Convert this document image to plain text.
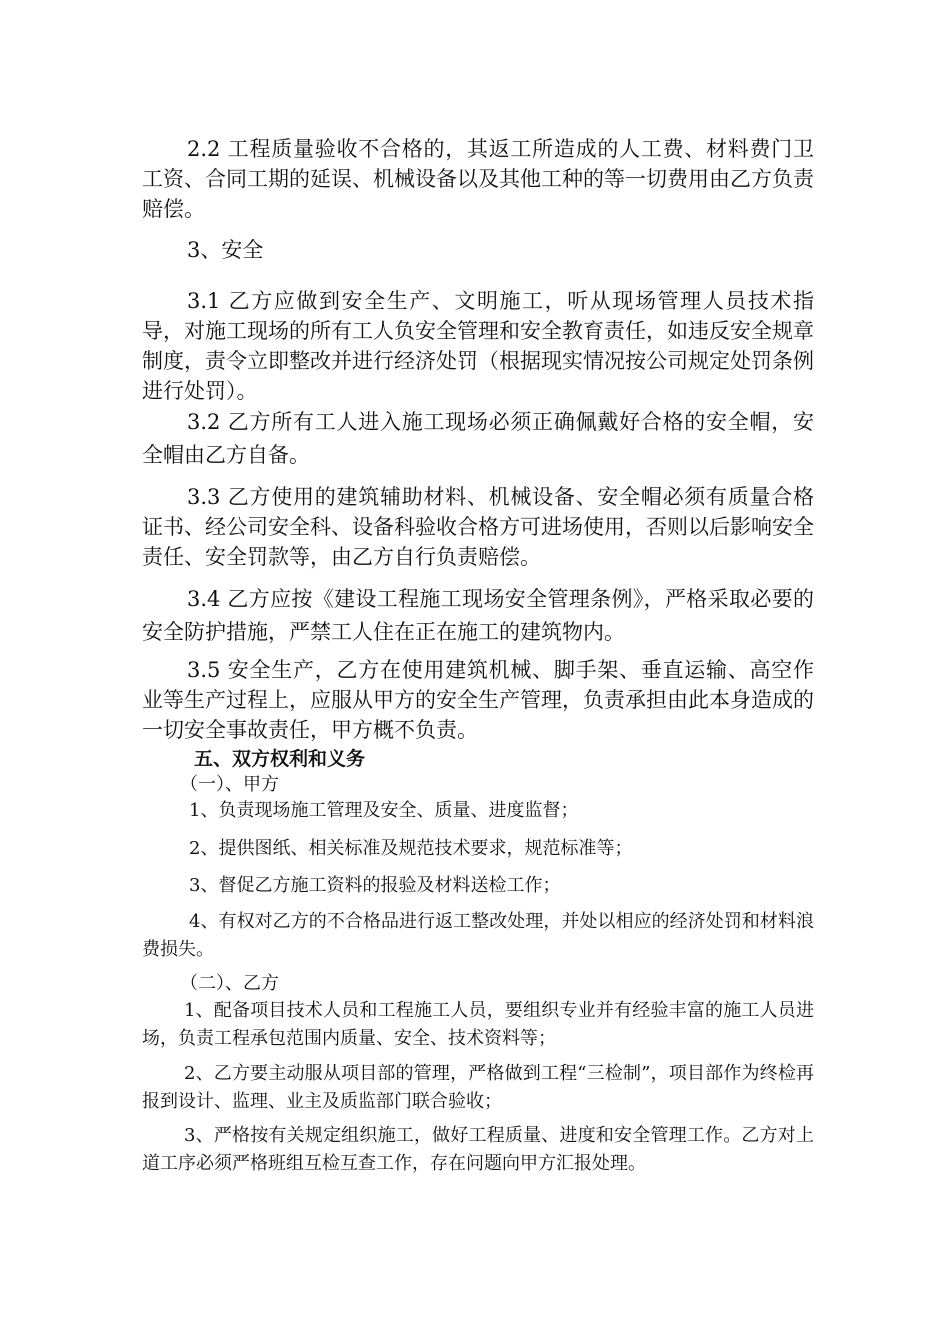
2.2 工程质量验收不合格的，其返工所造成的人工费、材料费门卫工资、合同工期的延误、机械设备以及其他工种的等一切费用由乙方负责赔偿。

3、安全

3.1 乙方应做到安全生产、文明施工，听从现场管理人员技术指导，对施工现场的所有工人负安全管理和安全教育责任，如违反安全规章制度，责令立即整改并进行经济处罚（根据现实情况按公司规定处罚条例进行处罚）。

3.2 乙方所有工人进入施工现场必须正确佩戴好合格的安全帽，安全帽由乙方自备。

3.3 乙方使用的建筑辅助材料、机械设备、安全帽必须有质量合格证书、经公司安全科、设备科验收合格方可进场使用，否则以后影响安全责任、安全罚款等，由乙方自行负责赔偿。

3.4 乙方应按《建设工程施工现场安全管理条例》，严格采取必要的安全防护措施，严禁工人住在正在施工的建筑物内。

3.5 安全生产，乙方在使用建筑机械、脚手架、垂直运输、高空作业等生产过程上，应服从甲方的安全生产管理，负责承担由此本身造成的一切安全事故责任，甲方概不负责。

五、双方权利和义务

（一）、甲方

1、负责现场施工管理及安全、质量、进度监督；

2、提供图纸、相关标准及规范技术要求，规范标准等；

3、督促乙方施工资料的报验及材料送检工作；

4、有权对乙方的不合格品进行返工整改处理，并处以相应的经济处罚和材料浪费损失。

（二）、乙方

1、配备项目技术人员和工程施工人员，要组织专业并有经验丰富的施工人员进场，负责工程承包范围内质量、安全、技术资料等；

2、乙方要主动服从项目部的管理，严格做到工程“三检制”，项目部作为终检再报到设计、监理、业主及质监部门联合验收；

3、严格按有关规定组织施工，做好工程质量、进度和安全管理工作。乙方对上道工序必须严格班组互检互查工作，存在问题向甲方汇报处理。
